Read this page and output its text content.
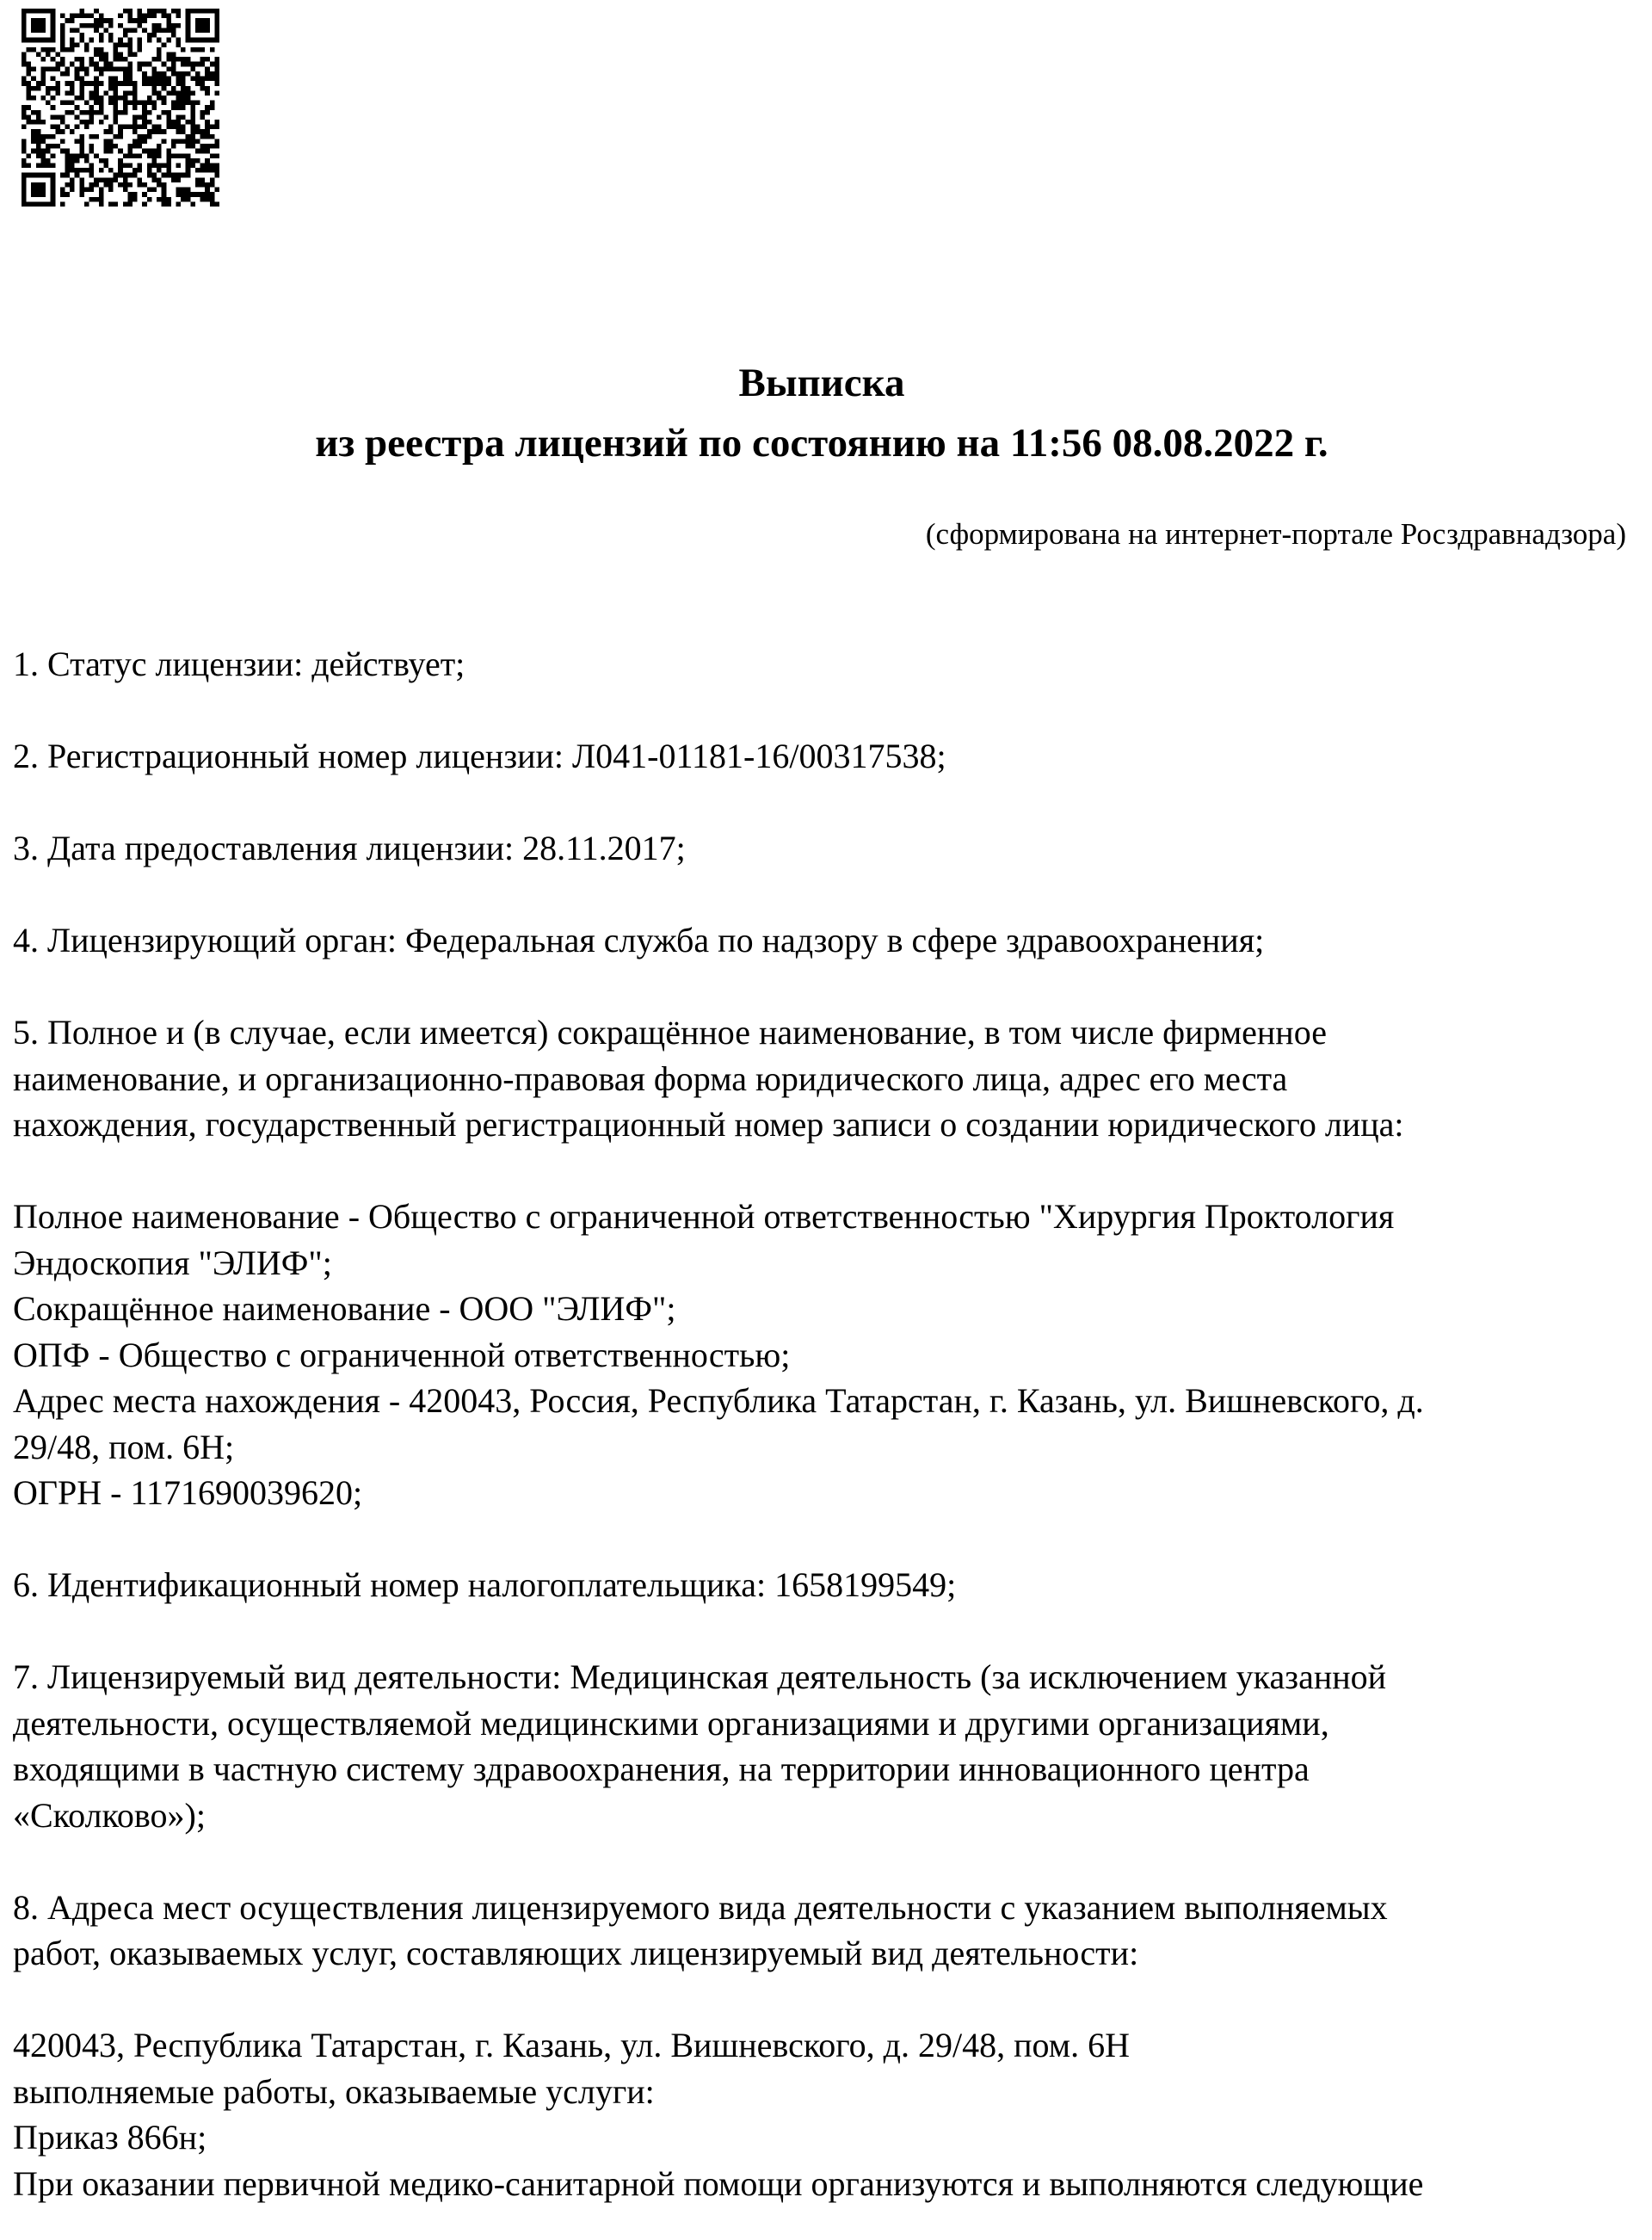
Выписка
из реестра лицензий по состоянию на 11:56 08.08.2022 г.
(сформирована на интернет-портале Росздравнадзора)
1. Статус лицензии: действует;
2. Регистрационный номер лицензии: Л041-01181-16/00317538;
3. Дата предоставления лицензии: 28.11.2017;
4. Лицензирующий орган: Федеральная служба по надзору в сфере здравоохранения;
5. Полное и (в случае, если имеется) сокращённое наименование, в том числе фирменное
наименование, и организационно-правовая форма юридического лица, адрес его места
нахождения, государственный регистрационный номер записи о создании юридического лица:
Полное наименование - Общество с ограниченной ответственностью "Хирургия Проктология
Эндоскопия "ЭЛИФ";
Сокращённое наименование - ООО "ЭЛИФ";
ОПФ - Общество с ограниченной ответственностью;
Адрес места нахождения - 420043, Россия, Республика Татарстан, г. Казань, ул. Вишневского, д.
29/48, пом. 6Н;
ОГРН - 1171690039620;
6. Идентификационный номер налогоплательщика: 1658199549;
7. Лицензируемый вид деятельности: Медицинская деятельность (за исключением указанной
деятельности, осуществляемой медицинскими организациями и другими организациями,
входящими в частную систему здравоохранения, на территории инновационного центра
«Сколково»);
8. Адреса мест осуществления лицензируемого вида деятельности с указанием выполняемых
работ, оказываемых услуг, составляющих лицензируемый вид деятельности:
420043, Республика Татарстан, г. Казань, ул. Вишневского, д. 29/48, пом. 6Н
выполняемые работы, оказываемые услуги:
Приказ 866н;
При оказании первичной медико-санитарной помощи организуются и выполняются следующие
